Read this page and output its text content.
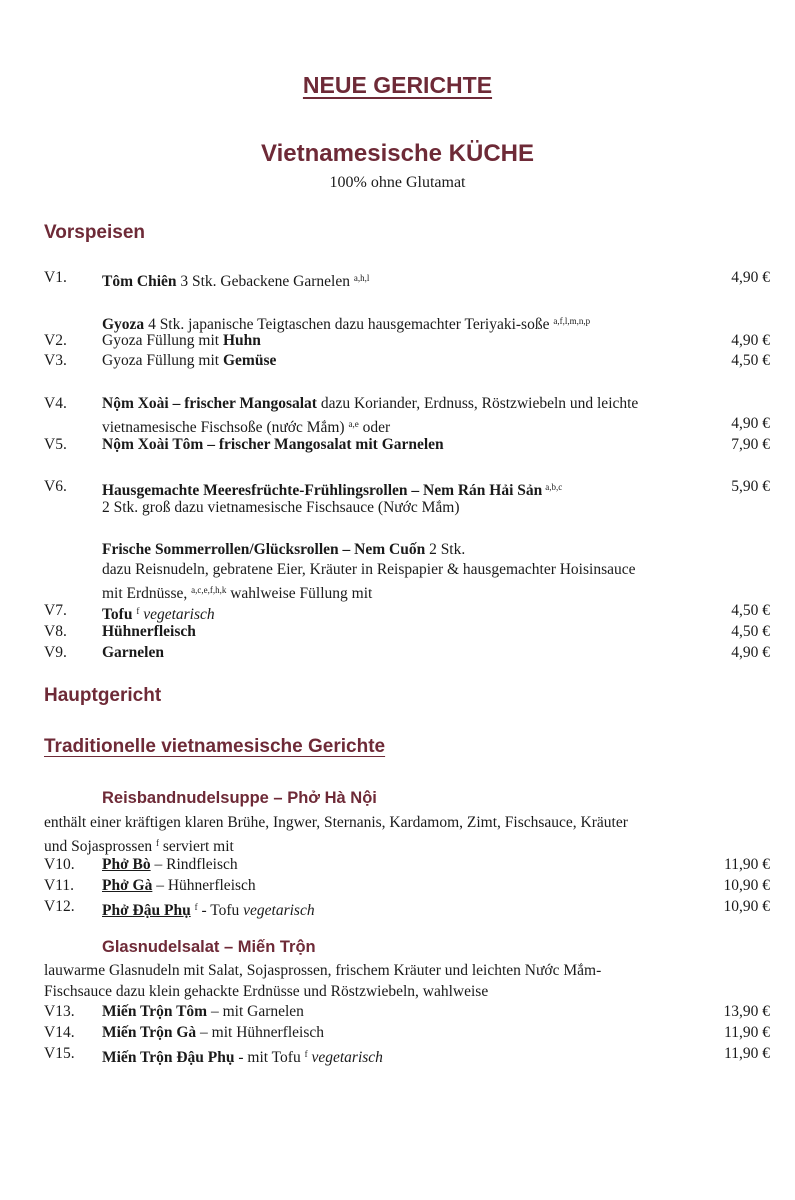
NEUE GERICHTE
Vietnamesische KÜCHE
100% ohne Glutamat
Vorspeisen
V1. Tôm Chiên 3 Stk. Gebackene Garnelen $^{a,h,l}$	4,90 €
Gyoza 4 Stk. japanische Teigtaschen dazu hausgemachter Teriyaki-soße $^{a,f,l,m,n,p}$
V2. Gyoza Füllung mit Huhn	4,90 €
V3. Gyoza Füllung mit Gemüse	4,50 €
V4. Nộm Xoài – frischer Mangosalat dazu Koriander, Erdnuss, Röstzwiebeln und leichte
vietnamesische Fischsoße (nước Mắm) $^{a,e}$ oder	4,90 €
V5. Nộm Xoài Tôm – frischer Mangosalat mit Garnelen	7,90 €
V6. Hausgemachte Meeresfrüchte-Frühlingsrollen – Nem Rán Hải Sản $^{a,b,c}$	5,90 €
2 Stk. groß dazu vietnamesische Fischsauce (Nước Mắm)
Frische Sommerrollen/Glücksrollen – Nem Cuốn 2 Stk.
dazu Reisnudeln, gebratene Eier, Kräuter in Reispapier & hausgemachter Hoisinsauce
mit Erdnüsse, $^{a,c,e,f,h,k}$ wahlweise Füllung mit
V7. Tofu $^f$ vegetarisch	4,50 €
V8. Hühnerfleisch	4,50 €
V9. Garnelen	4,90 €
Hauptgericht
Traditionelle vietnamesische Gerichte
Reisbandnudelsuppe – Phở Hà Nội
enthält einer kräftigen klaren Brühe, Ingwer, Sternanis, Kardamom, Zimt, Fischsauce, Kräuter
und Sojasprossen $^f$ serviert mit
V10. Phở Bò – Rindfleisch	11,90 €
V11. Phở Gà – Hühnerfleisch	10,90 €
V12. Phở Đậu Phụ $^f$ - Tofu vegetarisch	10,90 €
Glasnudelsalat – Miến Trộn
lauwarme Glasnudeln mit Salat, Sojasprossen, frischem Kräuter und leichten Nước Mắm-
Fischsauce dazu klein gehackte Erdnüsse und Röstzwiebeln, wahlweise
V13. Miến Trộn Tôm – mit Garnelen	13,90 €
V14. Miến Trộn Gà – mit Hühnerfleisch	11,90 €
V15. Miến Trộn Đậu Phụ - mit Tofu $^f$ vegetarisch	11,90 €
